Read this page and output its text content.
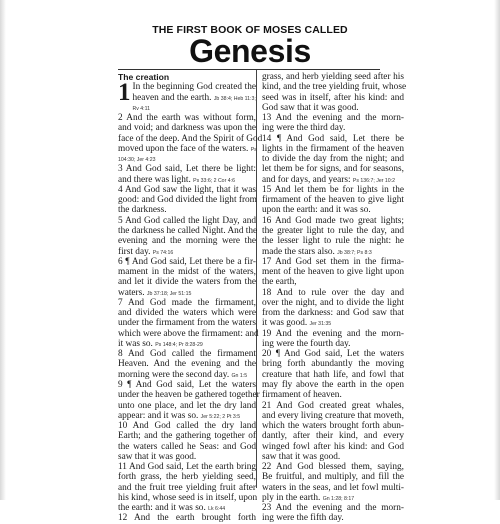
THE FIRST BOOK OF MOSES CALLED
Genesis
The creation
1 In the beginning God created the
heaven and the earth. Jb 38:4; Heb 11:3;
Rv 4:11
2 And the earth was without form,
and void; and darkness was upon the
face of the deep. And the Spirit of God
moved upon the face of the waters. Ps
104:30; Jer 4:23
3 And God said, Let there be light:
and there was light. Ps 33:6; 2 Cor 4:6
4 And God saw the light, that it was
good: and God divided the light from
the darkness.
5 And God called the light Day, and
the darkness he called Night. And the
evening and the morning were the
first day. Ps 74:16
6 ¶ And God said, Let there be a fir-
mament in the midst of the waters,
and let it divide the waters from the
waters. Jb 37:18; Jer 51:15
7 And God made the firmament,
and divided the waters which were
under the firmament from the waters
which were above the firmament: and
it was so. Ps 148:4; Pr 8:28-29
8 And God called the firmament
Heaven. And the evening and the
morning were the second day. Gn 1:5
9 ¶ And God said, Let the waters
under the heaven be gathered together
unto one place, and let the dry land
appear: and it was so. Jer 5:22; 2 Pt 3:5
10 And God called the dry land
Earth; and the gathering together of
the waters called he Seas: and God
saw that it was good.
11 And God said, Let the earth bring
forth grass, the herb yielding seed,
and the fruit tree yielding fruit after
his kind, whose seed is in itself, upon
the earth: and it was so. Lk 6:44
12 And the earth brought forth
grass, and herb yielding seed after his
kind, and the tree yielding fruit, whose
seed was in itself, after his kind: and
God saw that it was good.
13 And the evening and the morn-
ing were the third day.
14 ¶ And God said, Let there be
lights in the firmament of the heaven
to divide the day from the night; and
let them be for signs, and for seasons,
and for days, and years: Ps 136:7; Jer 10:2
15 And let them be for lights in the
firmament of the heaven to give light
upon the earth: and it was so.
16 And God made two great lights;
the greater light to rule the day, and
the lesser light to rule the night: he
made the stars also. Jb 38:7; Ps 8:3
17 And God set them in the firma-
ment of the heaven to give light upon
the earth,
18 And to rule over the day and
over the night, and to divide the light
from the darkness: and God saw that
it was good. Jer 31:35
19 And the evening and the morn-
ing were the fourth day.
20 ¶ And God said, Let the waters
bring forth abundantly the moving
creature that hath life, and fowl that
may fly above the earth in the open
firmament of heaven.
21 And God created great whales,
and every living creature that moveth,
which the waters brought forth abun-
dantly, after their kind, and every
winged fowl after his kind: and God
saw that it was good.
22 And God blessed them, saying,
Be fruitful, and multiply, and fill the
waters in the seas, and let fowl multi-
ply in the earth. Gn 1:28; 8:17
23 And the evening and the morn-
ing were the fifth day.
